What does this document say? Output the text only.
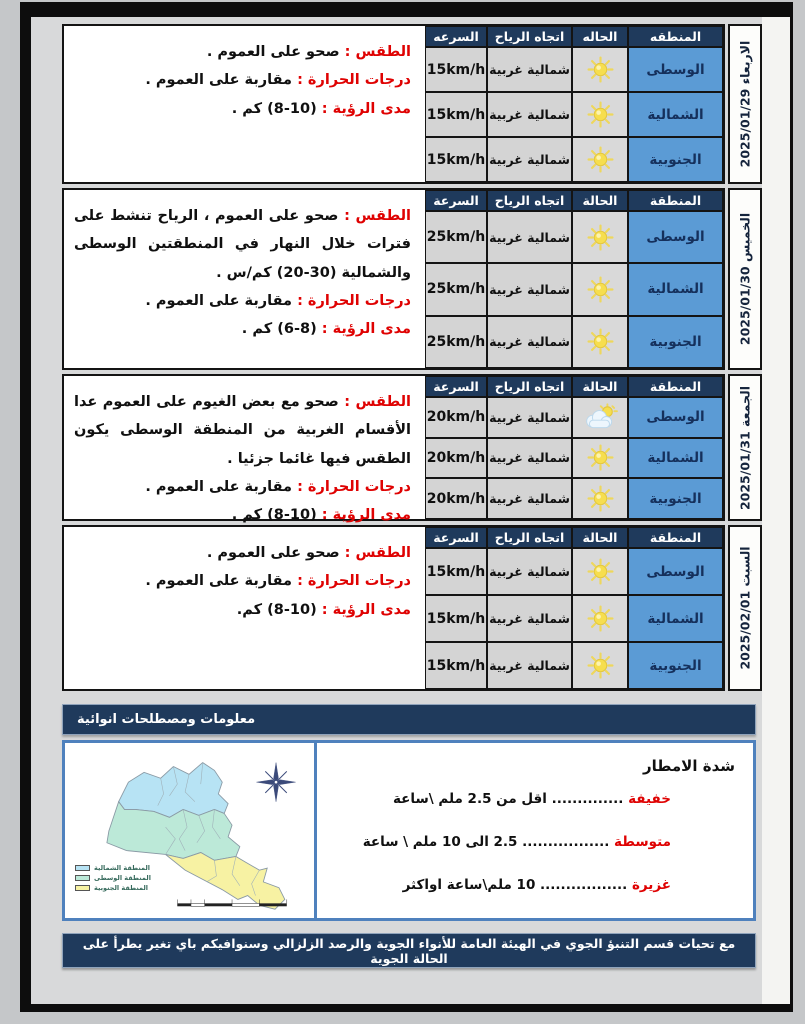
الاربعاء 2025/01/29
المنطقه
الحاله
اتجاه الرياح
السرعه
الوسطى
شمالية غربية
15km/h
الشمالية
شمالية غربية
15km/h
الجنوبية
شمالية غربية
15km/h
الطقس : صحو على العموم .
درجات الحرارة : مقاربة على العموم .
مدى الرؤية : (10-8) كم .
الخميس 2025/01/30
المنطقة
الحالة
اتجاه الرياح
السرعة
الوسطى
شمالية غربية
25km/h
الشمالية
شمالية غربية
25km/h
الجنوبية
شمالية غربية
25km/h
الطقس : صحو على العموم ، الرياح تنشط على فترات خلال النهار في المنطقتين الوسطى والشمالية (30-20) كم/س .
درجات الحرارة : مقاربة على العموم .
مدى الرؤية : (8-6) كم .
الجمعة 2025/01/31
المنطقة
الحالة
اتجاه الرياح
السرعة
الوسطى
شمالية غربية
20km/h
الشمالية
شمالية غربية
20km/h
الجنوبية
شمالية غربية
20km/h
الطقس : صحو مع بعض الغيوم على العموم عدا الأقسام الغربية من المنطقة الوسطى يكون الطقس فيها غائما جزئيا .
درجات الحرارة : مقاربة على العموم .
مدى الرؤية : (10-8) كم .
السبت 2025/02/01
المنطقة
الحالة
اتجاه الرياح
السرعة
الوسطى
شمالية غربية
15km/h
الشمالية
شمالية غربية
15km/h
الجنوبية
شمالية غربية
15km/h
الطقس : صحو على العموم .
درجات الحرارة : مقاربة على العموم .
مدى الرؤية : (10-8) كم.
معلومات ومصطلحات انوائية
المنطقة الشمالية
المنطقة الوسطى
المنطقة الجنوبية
شدة الامطار
خفيفة .............. اقل من 2.5 ملم \ساعة
متوسطة ................. 2.5 الى 10 ملم \ ساعة
غزيرة ................. 10 ملم\ساعة اواكثر
مع تحيات قسم التنبؤ الجوي في الهيئة العامة للأنواء الجوية والرصد الزلزالي وسنوافيكم باي تغير يطرأ على الحالة الجوية
